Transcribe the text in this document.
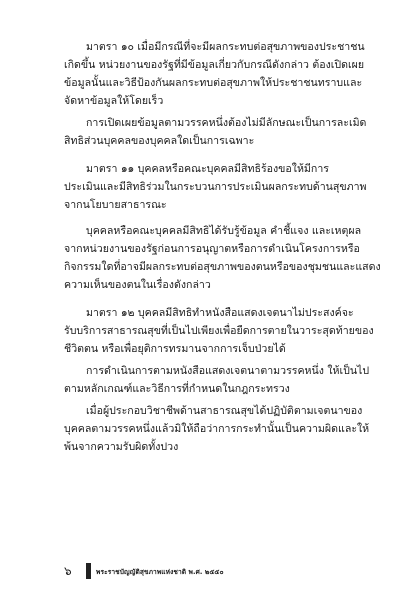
มาตรา ๑๐ เมื่อมีกรณีที่จะมีผลกระทบต่อสุขภาพของประชาชน
เกิดขึ้น หน่วยงานของรัฐที่มีข้อมูลเกี่ยวกับกรณีดังกล่าว ต้องเปิดเผย
ข้อมูลนั้นและวิธีป้องกันผลกระทบต่อสุขภาพให้ประชาชนทราบและ
จัดหาข้อมูลให้โดยเร็ว
การเปิดเผยข้อมูลตามวรรคหนึ่งต้องไม่มีลักษณะเป็นการละเมิด
สิทธิส่วนบุคคลของบุคคลใดเป็นการเฉพาะ
มาตรา ๑๑ บุคคลหรือคณะบุคคลมีสิทธิร้องขอให้มีการ
ประเมินและมีสิทธิร่วมในกระบวนการประเมินผลกระทบด้านสุขภาพ
จากนโยบายสาธารณะ
บุคคลหรือคณะบุคคลมีสิทธิได้รับรู้ข้อมูล คำชี้แจง และเหตุผล
จากหน่วยงานของรัฐก่อนการอนุญาตหรือการดำเนินโครงการหรือ
กิจกรรมใดที่อาจมีผลกระทบต่อสุขภาพของตนหรือของชุมชนและแสดง
ความเห็นของตนในเรื่องดังกล่าว
มาตรา ๑๒ บุคคลมีสิทธิทำหนังสือแสดงเจตนาไม่ประสงค์จะ
รับบริการสาธารณสุขที่เป็นไปเพียงเพื่อยืดการตายในวาระสุดท้ายของ
ชีวิตตน หรือเพื่อยุติการทรมานจากการเจ็บป่วยได้
การดำเนินการตามหนังสือแสดงเจตนาตามวรรคหนึ่ง ให้เป็นไป
ตามหลักเกณฑ์และวิธีการที่กำหนดในกฎกระทรวง
เมื่อผู้ประกอบวิชาชีพด้านสาธารณสุขได้ปฏิบัติตามเจตนาของ
บุคคลตามวรรคหนึ่งแล้วมิให้ถือว่าการกระทำนั้นเป็นความผิดและให้
พ้นจากความรับผิดทั้งปวง
๖	พระราชบัญญัติสุขภาพแห่งชาติ พ.ศ. ๒๕๕๐
